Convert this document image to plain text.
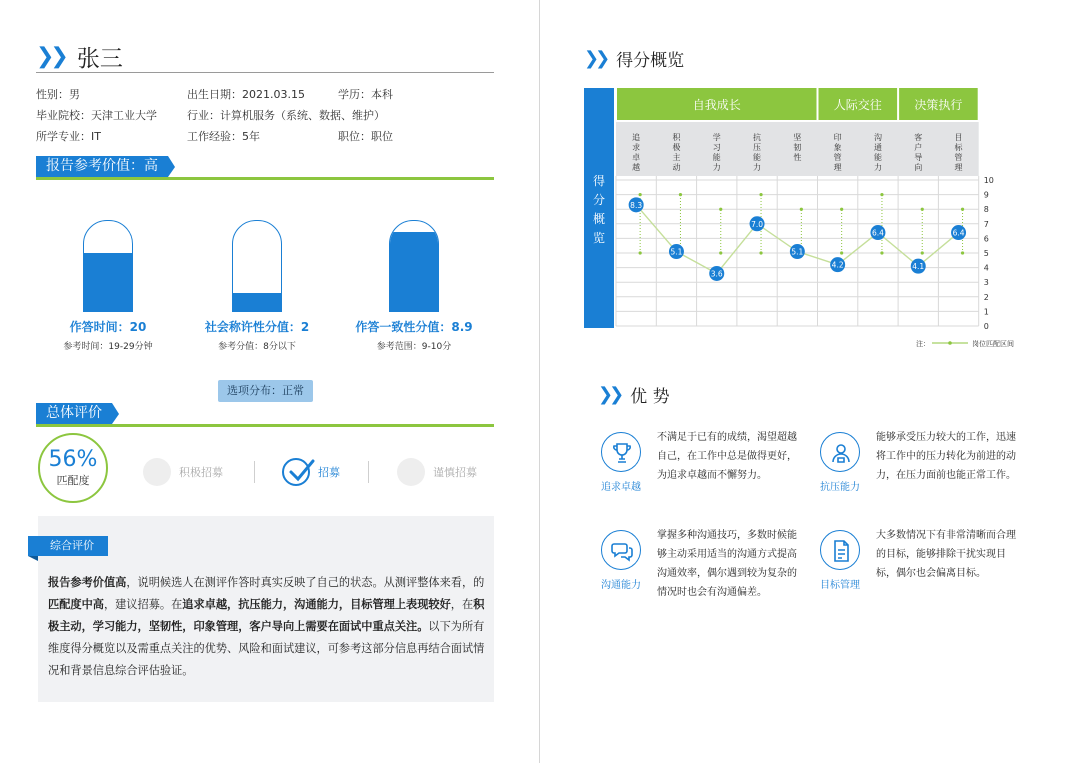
❯❯ 张三
性别：男	出生日期：2021.03.15	学历：本科
毕业院校：天津工业大学	行业：计算机服务（系统、数据、维护）
所学专业：IT	工作经验：5年	职位：职位
报告参考价值：高
作答时间：20
参考时间：19-29分钟
社会称许性分值：2
参考分值：8分以下
作答一致性分值：8.9
参考范围：9-10分
选项分布：正常
总体评价
56%
匹配度
积极招募	招募	谨慎招募
综合评价
报告参考价值高，说明候选人在测评作答时真实反映了自己的状态。从测评整体来看，的匹配度中高，建议招募。在追求卓越，抗压能力，沟通能力，目标管理上表现较好，在积极主动，学习能力，坚韧性，印象管理，客户导向上需要在面试中重点关注。以下为所有维度得分概览以及需重点关注的优势、风险和面试建议，可参考这部分信息再结合面试情况和背景信息综合评估验证。
❯❯ 得分概览
得
分
概
览
自我成长	人际交往	决策执行
追
求
卓
越
积
极
主
动
学
习
能
力
抗
压
能
力
坚
韧
性
印
象
管
理
沟
通
能
力
客
户
导
向
目
标
管
理
0
1
2
3
4
5
6
7
8
9
10
8.3
5.1
3.6
7.0
5.1
4.2
6.4
4.1
6.4
注：	岗位匹配区间
❯❯ 优 势
追求卓越
不满足于已有的成绩，渴望超越自己，在工作中总是做得更好，为追求卓越而不懈努力。
抗压能力
能够承受压力较大的工作，迅速将工作中的压力转化为前进的动力，在压力面前也能正常工作。
沟通能力
掌握多种沟通技巧，多数时候能够主动采用适当的沟通方式提高沟通效率，偶尔遇到较为复杂的情况时也会有沟通偏差。
目标管理
大多数情况下有非常清晰而合理的目标，能够排除干扰实现目标，偶尔也会偏离目标。
